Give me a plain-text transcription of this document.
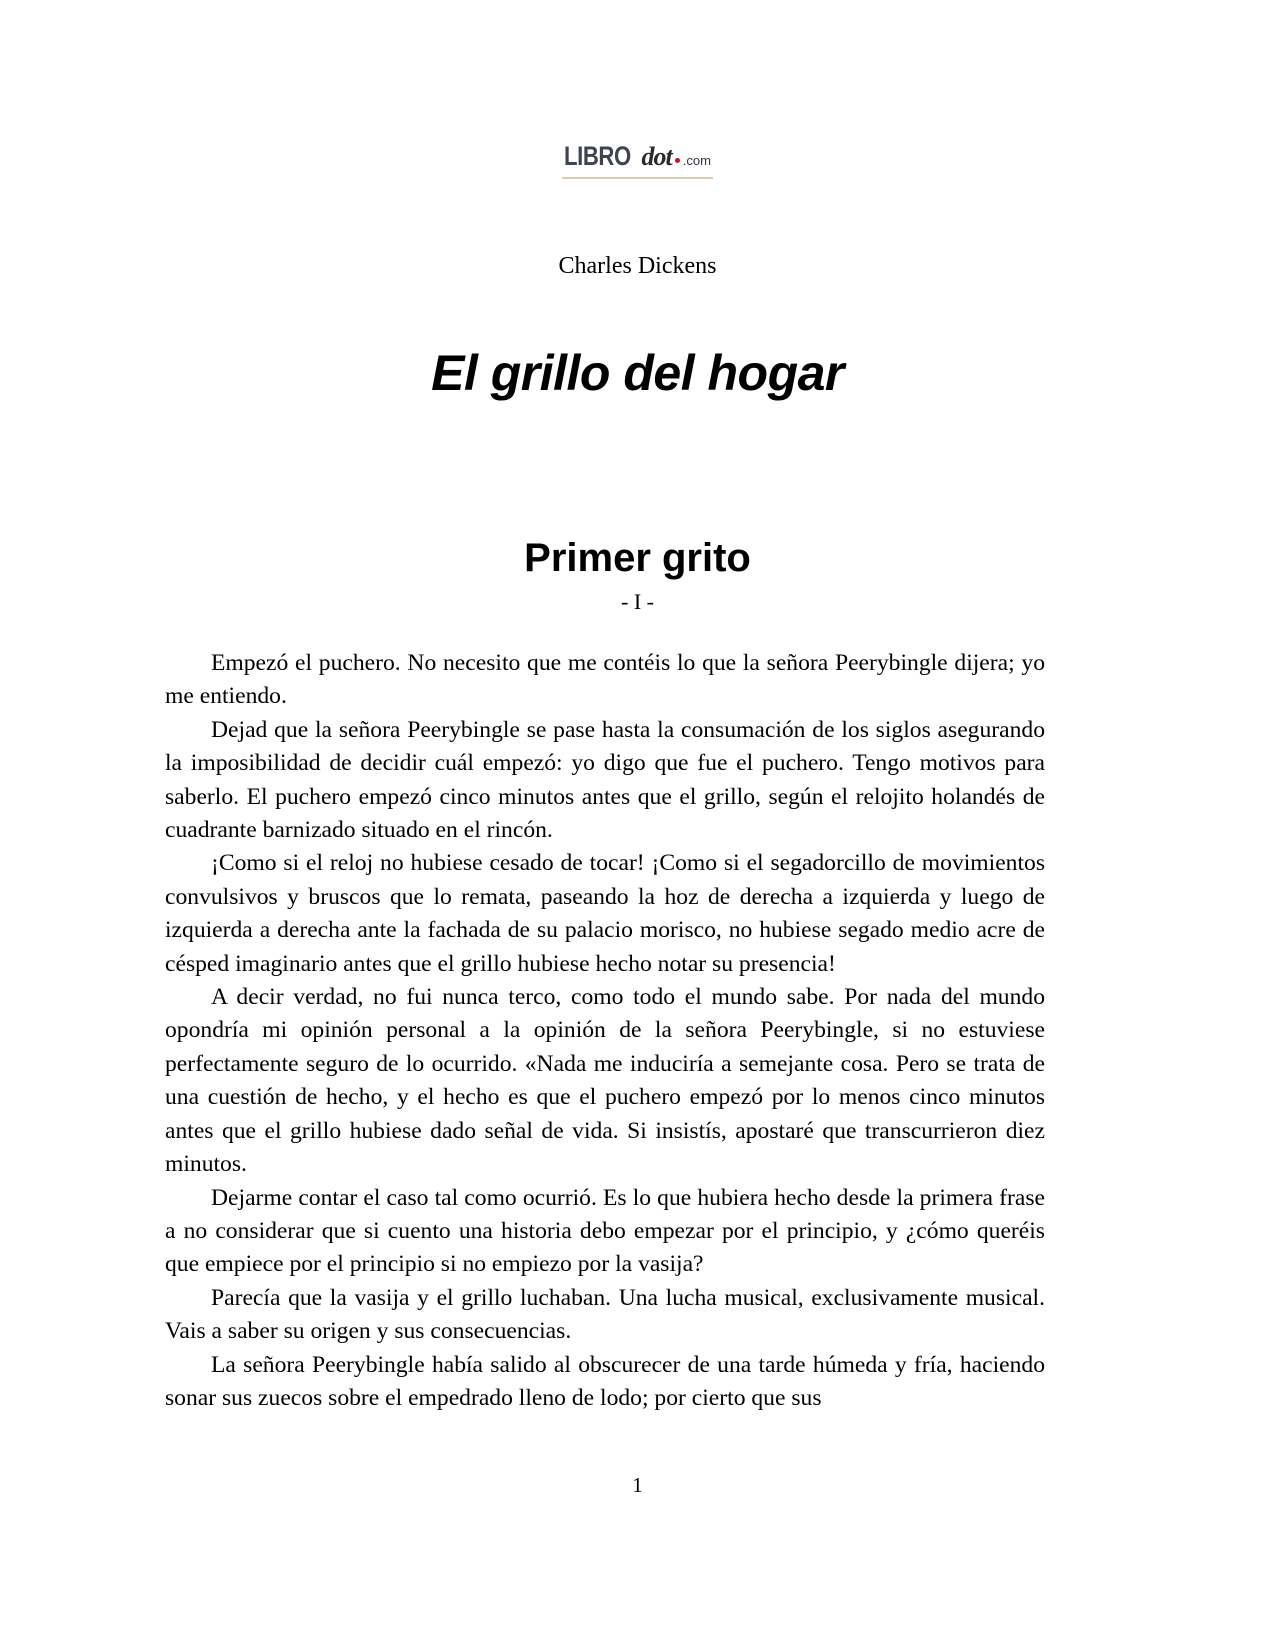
LIBRO dot .com
Charles Dickens
El grillo del hogar
Primer grito
- I -

Empezó el puchero. No necesito que me contéis lo que la señora Peerybingle dijera; yo me entiendo.

Dejad que la señora Peerybingle se pase hasta la consumación de los siglos asegurando la imposibilidad de decidir cuál empezó: yo digo que fue el puchero. Tengo motivos para saberlo. El puchero empezó cinco minutos antes que el grillo, según el relojito holandés de cuadrante barnizado situado en el rincón.

¡Como si el reloj no hubiese cesado de tocar! ¡Como si el segadorcillo de movimientos convulsivos y bruscos que lo remata, paseando la hoz de derecha a izquierda y luego de izquierda a derecha ante la fachada de su palacio morisco, no hubiese segado medio acre de césped imaginario antes que el grillo hubiese hecho notar su presencia!

A decir verdad, no fui nunca terco, como todo el mundo sabe. Por nada del mundo opondría mi opinión personal a la opinión de la señora Peerybingle, si no estuviese perfectamente seguro de lo ocurrido. «Nada me induciría a semejante cosa. Pero se trata de una cuestión de hecho, y el hecho es que el puchero empezó por lo menos cinco minutos antes que el grillo hubiese dado señal de vida. Si insistís, apostaré que transcurrieron diez minutos.

Dejarme contar el caso tal como ocurrió. Es lo que hubiera hecho desde la primera frase a no considerar que si cuento una historia debo empezar por el principio, y ¿cómo queréis que empiece por el principio si no empiezo por la vasija?

Parecía que la vasija y el grillo luchaban. Una lucha musical, exclusivamente musical. Vais a saber su origen y sus consecuencias.

La señora Peerybingle había salido al obscurecer de una tarde húmeda y fría, haciendo sonar sus zuecos sobre el empedrado lleno de lodo; por cierto que sus

1
